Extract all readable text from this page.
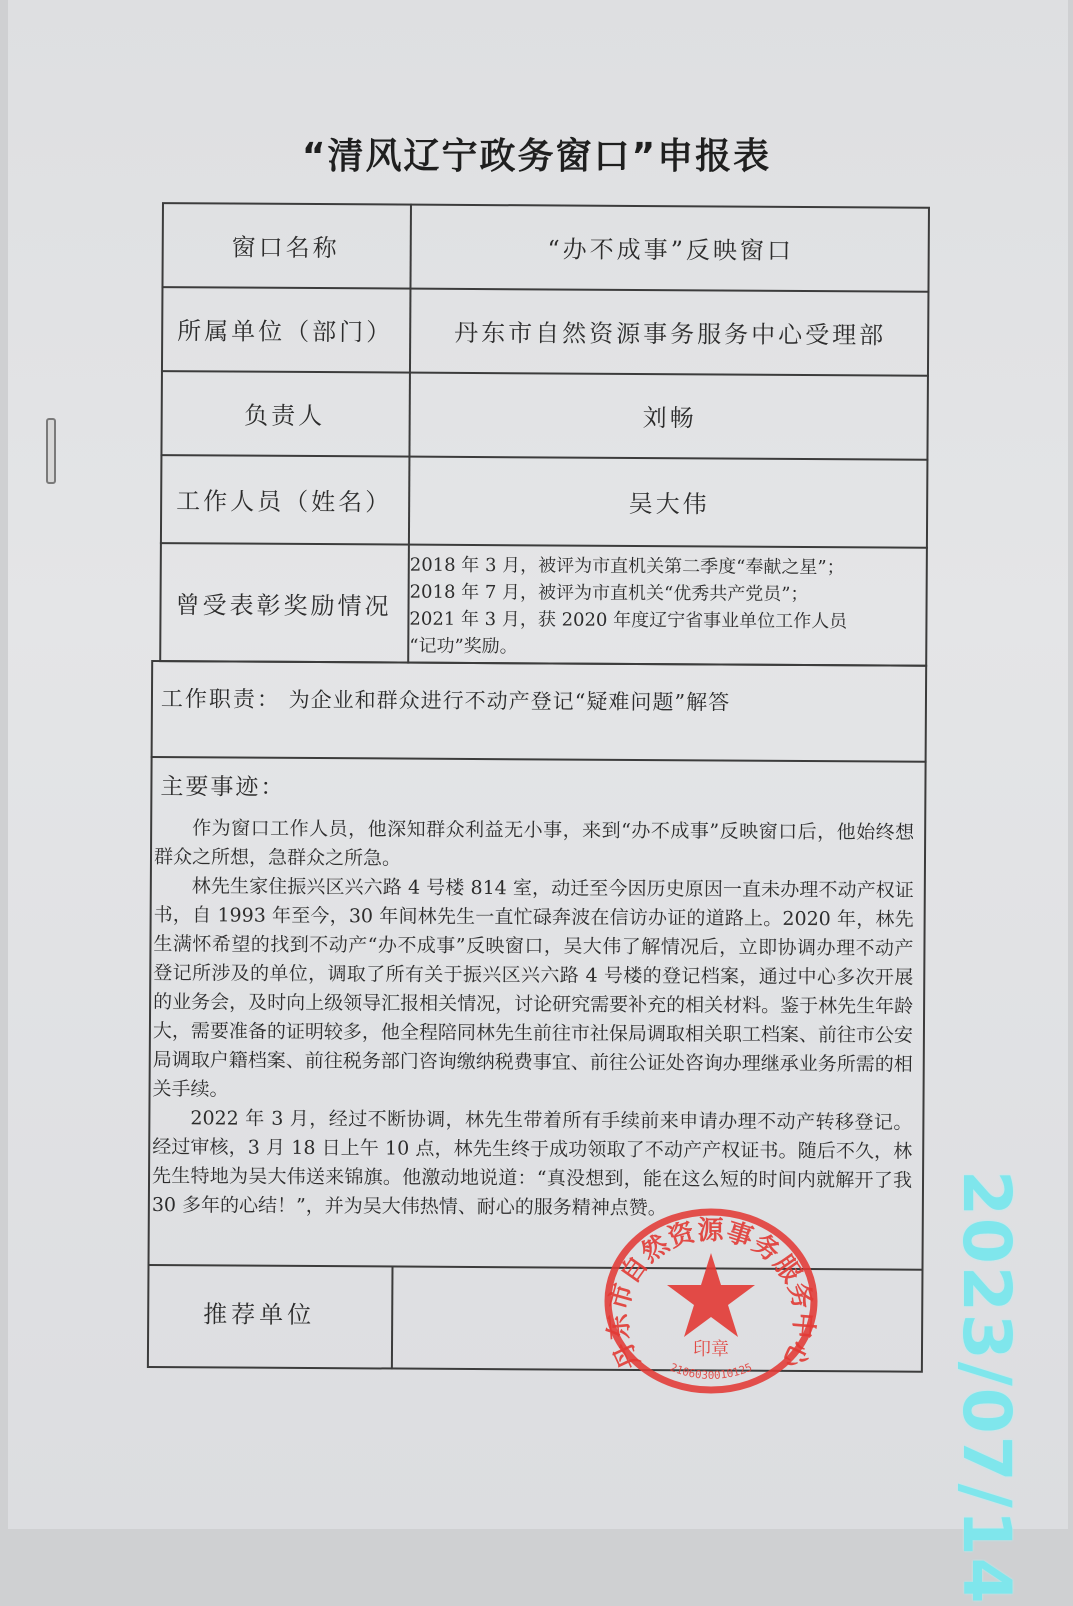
“清风辽宁政务窗口”申报表
窗口名称	“办不成事”反映窗口
所属单位（部门）	丹东市自然资源事务服务中心受理部
负责人	刘畅
工作人员（姓名）	吴大伟
曾受表彰奖励情况
2018 年 3 月，被评为市直机关第二季度“奉献之星”；
2018 年 7 月，被评为市直机关“优秀共产党员”；
2021 年 3 月，获 2020 年度辽宁省事业单位工作人员
“记功”奖励。
工作职责： 为企业和群众进行不动产登记“疑难问题”解答
主要事迹：

作为窗口工作人员，他深知群众利益无小事，来到“办不成事”反映窗口后，他始终想群众之所想，急群众之所急。

林先生家住振兴区兴六路 4 号楼 814 室，动迁至今因历史原因一直未办理不动产权证书，自 1993 年至今，30 年间林先生一直忙碌奔波在信访办证的道路上。2020 年，林先生满怀希望的找到不动产“办不成事”反映窗口，吴大伟了解情况后，立即协调办理不动产登记所涉及的单位，调取了所有关于振兴区兴六路 4 号楼的登记档案，通过中心多次开展的业务会，及时向上级领导汇报相关情况，讨论研究需要补充的相关材料。鉴于林先生年龄大，需要准备的证明较多，他全程陪同林先生前往市社保局调取相关职工档案、前往市公安局调取户籍档案、前往税务部门咨询缴纳税费事宜、前往公证处咨询办理继承业务所需的相关手续。

2022 年 3 月，经过不断协调，林先生带着所有手续前来申请办理不动产转移登记。经过审核，3 月 18 日上午 10 点，林先生终于成功领取了不动产产权证书。随后不久，林先生特地为吴大伟送来锦旗。他激动地说道：“真没想到，能在这么短的时间内就解开了我 30 多年的心结！”，并为吴大伟热情、耐心的服务精神点赞。

推荐单位
丹东市自然资源事务服务中心
印章
2106030010125	2023/07/14
